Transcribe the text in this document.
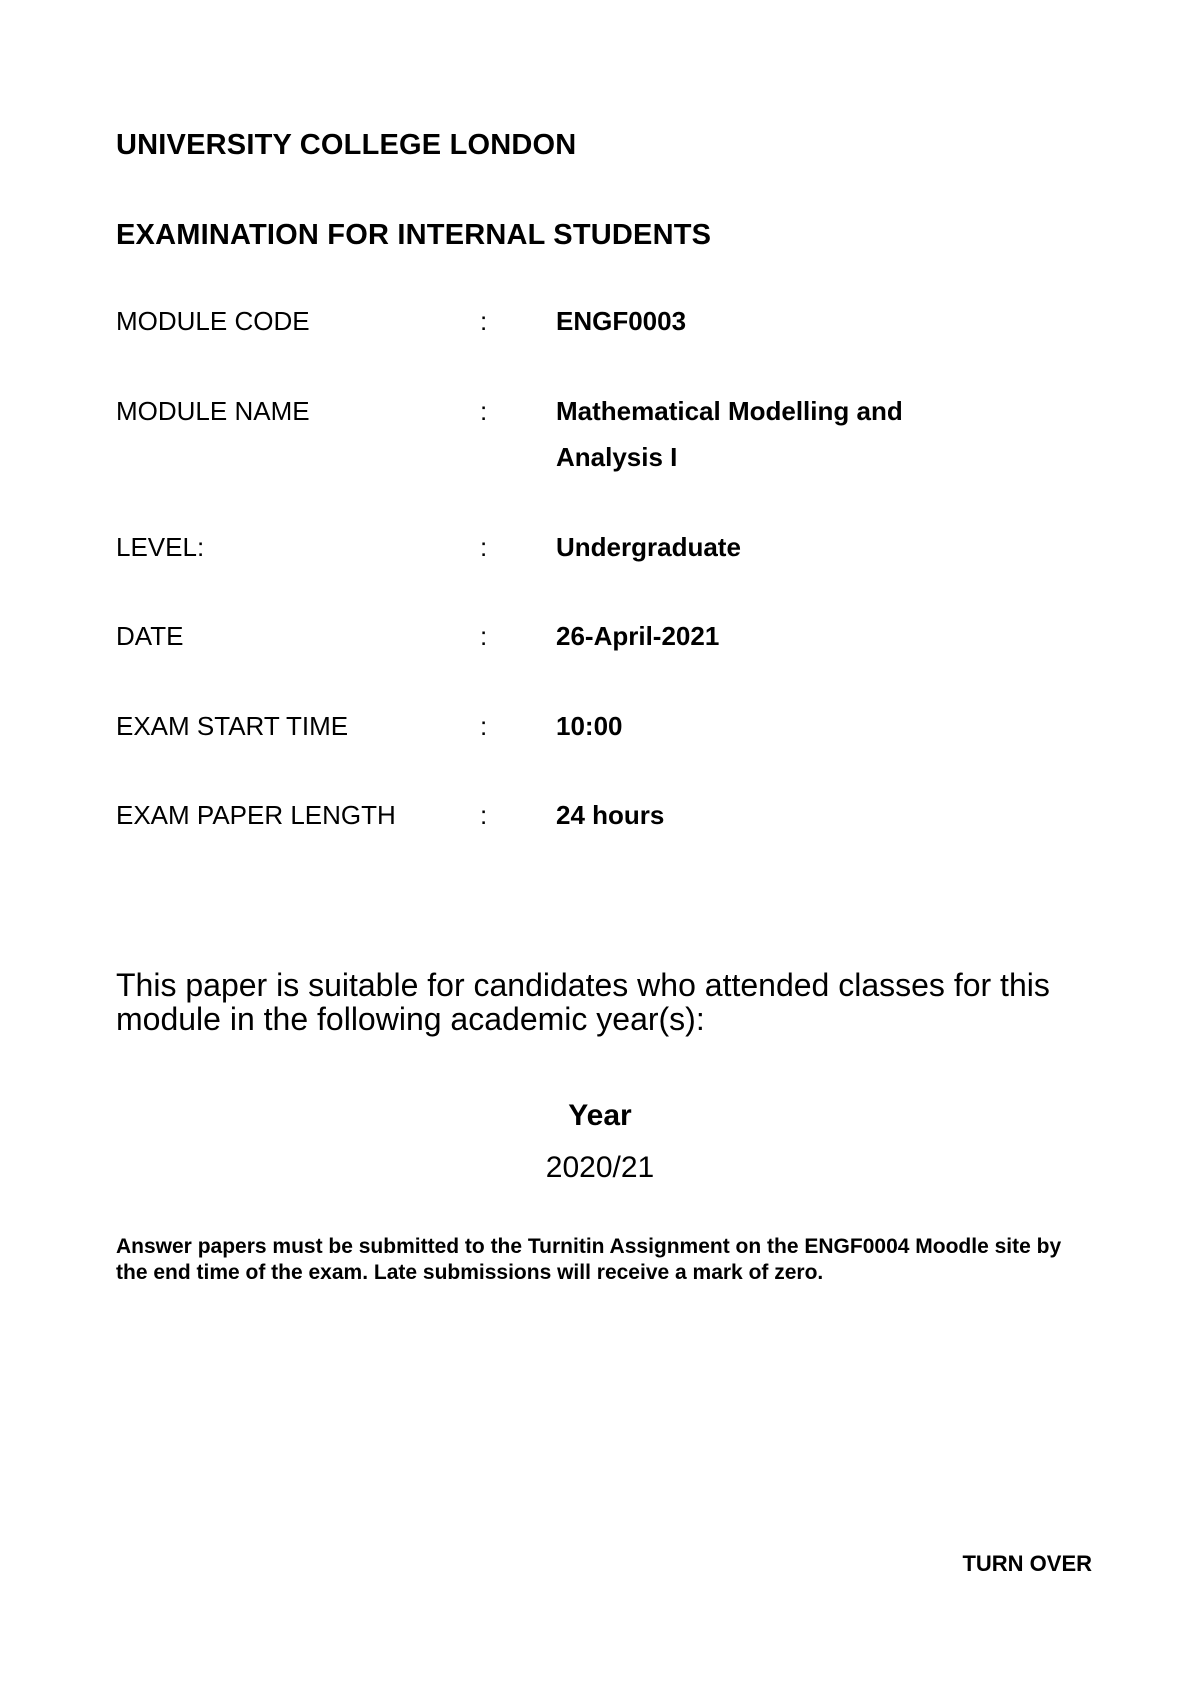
UNIVERSITY COLLEGE LONDON
EXAMINATION FOR INTERNAL STUDENTS
MODULE CODE	:	ENGF0003
MODULE NAME	:	Mathematical Modelling and Analysis I
LEVEL:	:	Undergraduate
DATE	:	26-April-2021
EXAM START TIME	:	10:00
EXAM PAPER LENGTH	:	24 hours
This paper is suitable for candidates who attended classes for this module in the following academic year(s):
Year
2020/21
Answer papers must be submitted to the Turnitin Assignment on the ENGF0004 Moodle site by the end time of the exam. Late submissions will receive a mark of zero.
TURN OVER
